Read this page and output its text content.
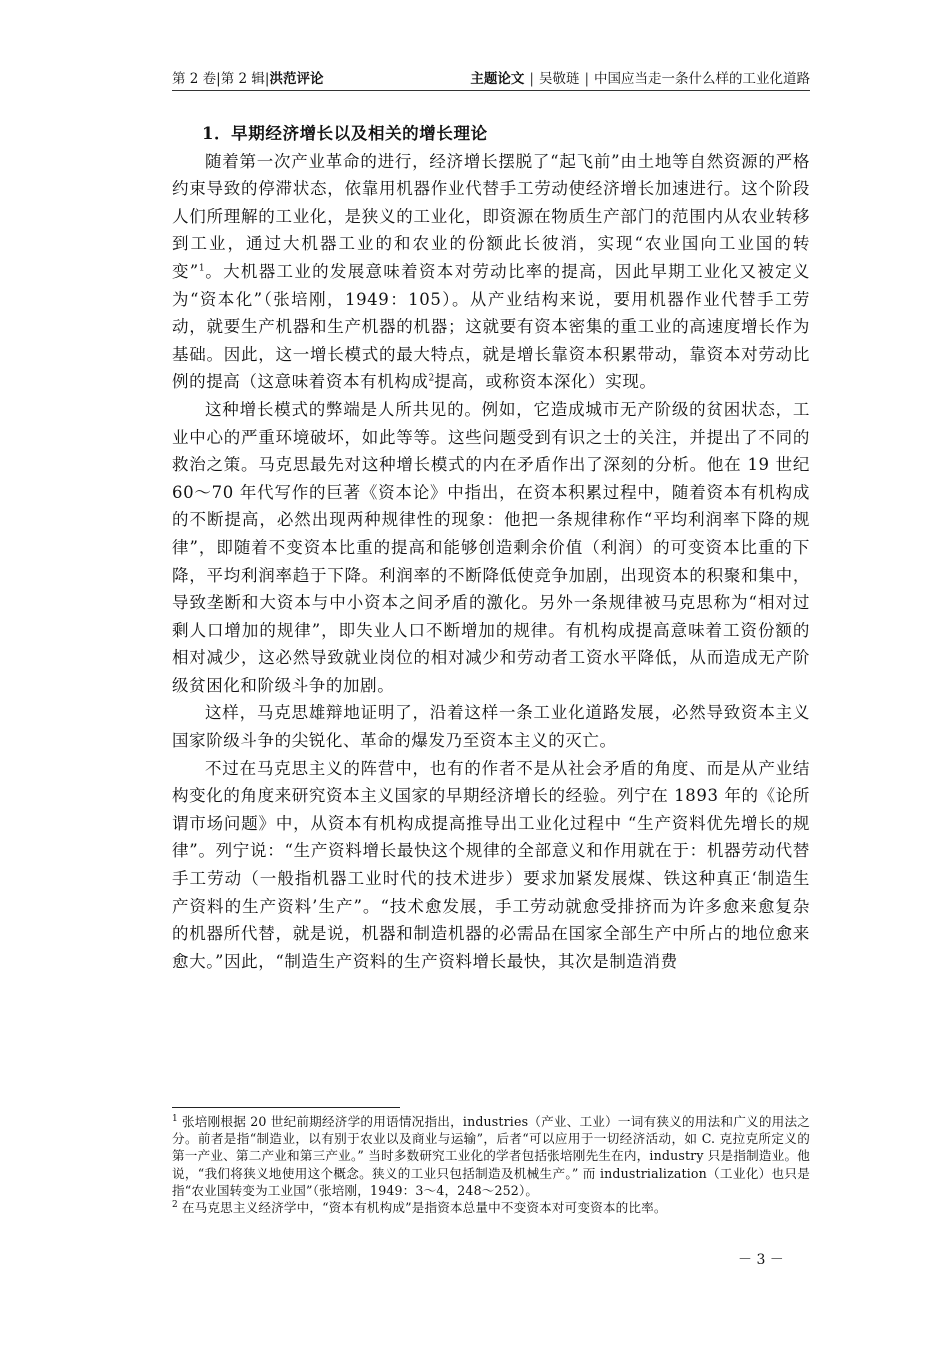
第 2 卷|第 2 辑|洪范评论	主题论文 | 吴敬琏 | 中国应当走一条什么样的工业化道路
1．早期经济增长以及相关的增长理论

随着第一次产业革命的进行，经济增长摆脱了“起飞前”由土地等自然资源的严格约束导致的停滞状态，依靠用机器作业代替手工劳动使经济增长加速进行。这个阶段人们所理解的工业化，是狭义的工业化，即资源在物质生产部门的范围内从农业转移到工业，通过大机器工业的和农业的份额此长彼消，实现“农业国向工业国的转变”$^1$。大机器工业的发展意味着资本对劳动比率的提高，因此早期工业化又被定义为“资本化”（张培刚，1949：105）。从产业结构来说，要用机器作业代替手工劳动，就要生产机器和生产机器的机器；这就要有资本密集的重工业的高速度增长作为基础。因此，这一增长模式的最大特点，就是增长靠资本积累带动，靠资本对劳动比例的提高（这意味着资本有机构成$^2$提高，或称资本深化）实现。

这种增长模式的弊端是人所共见的。例如，它造成城市无产阶级的贫困状态，工业中心的严重环境破坏，如此等等。这些问题受到有识之士的关注，并提出了不同的救治之策。马克思最先对这种增长模式的内在矛盾作出了深刻的分析。他在 19 世纪 60～70 年代写作的巨著《资本论》中指出，在资本积累过程中，随着资本有机构成的不断提高，必然出现两种规律性的现象：他把一条规律称作“平均利润率下降的规律”，即随着不变资本比重的提高和能够创造剩余价值（利润）的可变资本比重的下降，平均利润率趋于下降。利润率的不断降低使竞争加剧，出现资本的积聚和集中，导致垄断和大资本与中小资本之间矛盾的激化。另外一条规律被马克思称为“相对过剩人口增加的规律”，即失业人口不断增加的规律。有机构成提高意味着工资份额的相对减少，这必然导致就业岗位的相对减少和劳动者工资水平降低，从而造成无产阶级贫困化和阶级斗争的加剧。

这样，马克思雄辩地证明了，沿着这样一条工业化道路发展，必然导致资本主义国家阶级斗争的尖锐化、革命的爆发乃至资本主义的灭亡。

不过在马克思主义的阵营中，也有的作者不是从社会矛盾的角度、而是从产业结构变化的角度来研究资本主义国家的早期经济增长的经验。列宁在 1893 年的《论所谓市场问题》中，从资本有机构成提高推导出工业化过程中 “生产资料优先增长的规律”。列宁说：“生产资料增长最快这个规律的全部意义和作用就在于：机器劳动代替手工劳动（一般指机器工业时代的技术进步）要求加紧发展煤、铁这种真正‘制造生产资料的生产资料’生产”。“技术愈发展，手工劳动就愈受排挤而为许多愈来愈复杂的机器所代替，就是说，机器和制造机器的必需品在国家全部生产中所占的地位愈来愈大。”因此，“制造生产资料的生产资料增长最快，其次是制造消费

$^1$ 张培刚根据 20 世纪前期经济学的用语情况指出，industries（产业、工业）一词有狭义的用法和广义的用法之分。前者是指“制造业，以有别于农业以及商业与运输”，后者“可以应用于一切经济活动，如 C. 克拉克所定义的第一产业、第二产业和第三产业。” 当时多数研究工业化的学者包括张培刚先生在内，industry 只是指制造业。他说，“我们将狭义地使用这个概念。狭义的工业只包括制造及机械生产。” 而 industrialization（工业化）也只是指“农业国转变为工业国”（张培刚，1949：3～4，248～252）。

$^2$ 在马克思主义经济学中，“资本有机构成”是指资本总量中不变资本对可变资本的比率。

－ 3 －
